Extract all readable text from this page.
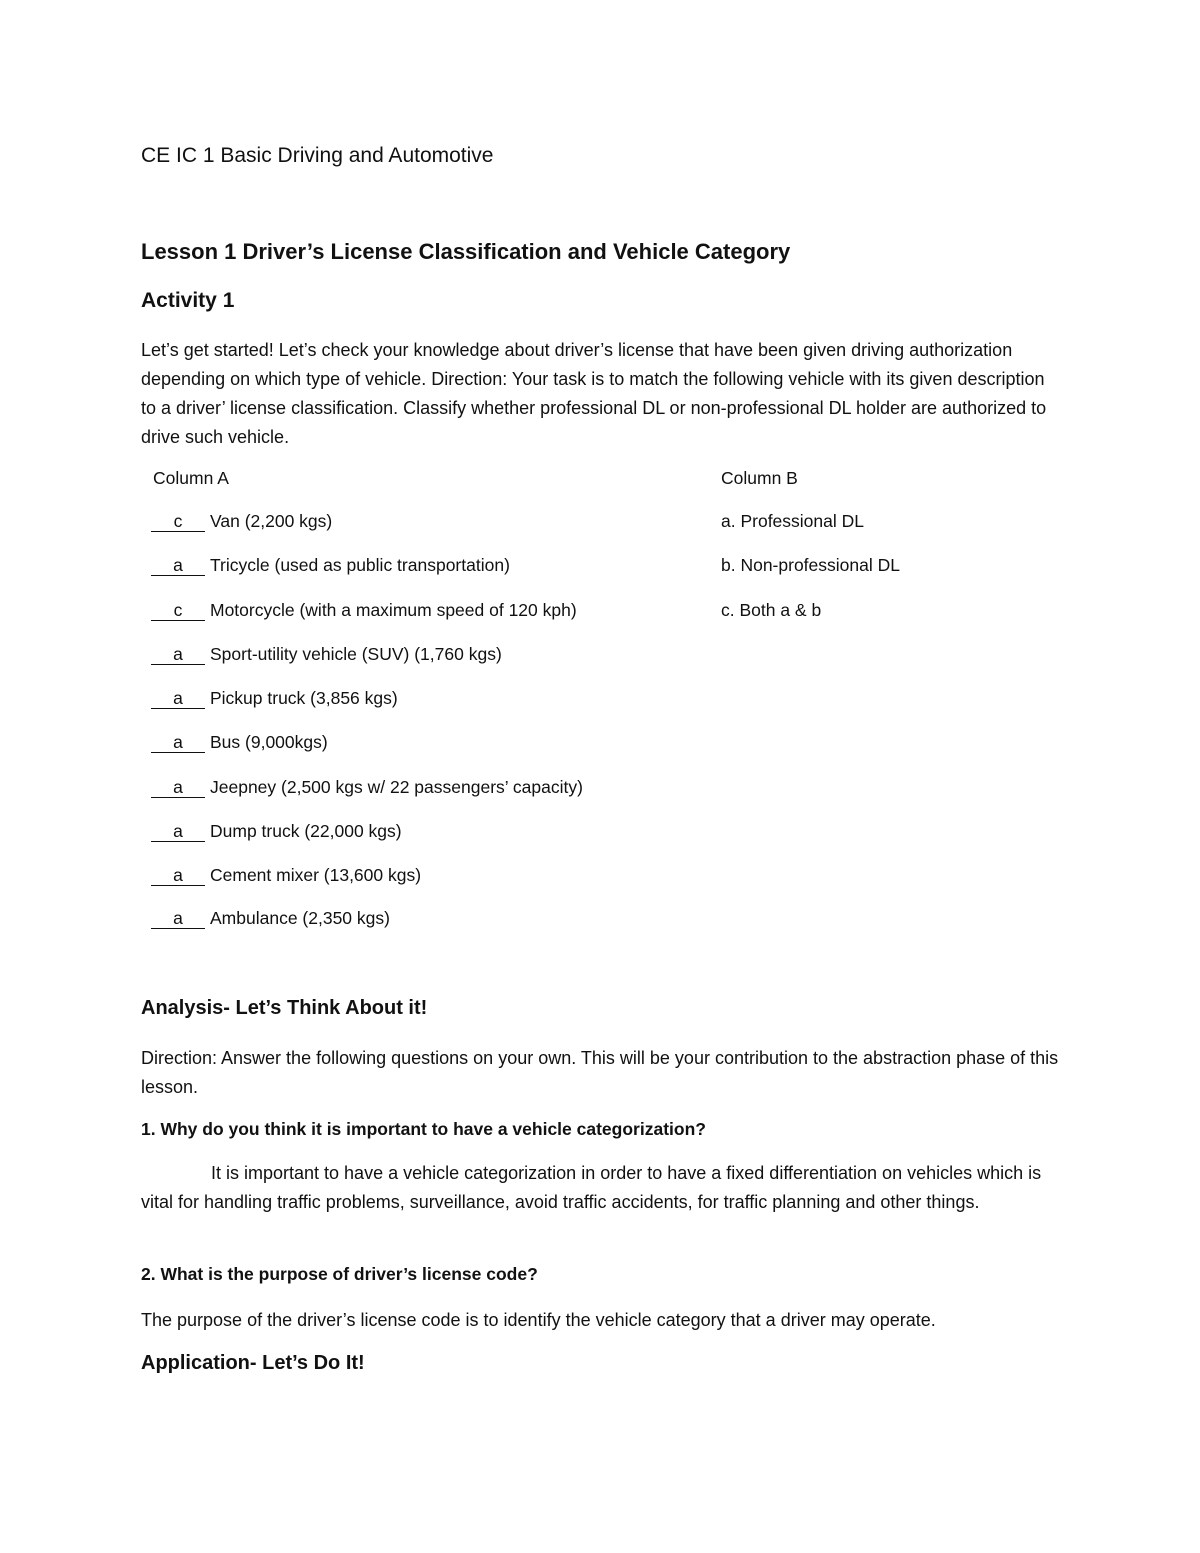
CE IC 1 Basic Driving and Automotive
Lesson 1 Driver’s License Classification and Vehicle Category
Activity 1
Let’s get started! Let’s check your knowledge about driver’s license that have been given driving authorization depending on which type of vehicle. Direction: Your task is to match the following vehicle with its given description to a driver’ license classification. Classify whether professional DL or non-professional DL holder are authorized to drive such vehicle.
Column A	Column B
c Van (2,200 kgs)
a Tricycle (used as public transportation)
c Motorcycle (with a maximum speed of 120 kph)
a Sport-utility vehicle (SUV) (1,760 kgs)
a Pickup truck (3,856 kgs)
a Bus (9,000kgs)
a Jeepney (2,500 kgs w/ 22 passengers’ capacity)
a Dump truck (22,000 kgs)
a Cement mixer (13,600 kgs)
a Ambulance (2,350 kgs)
a. Professional DL
b. Non-professional DL
c. Both a & b
Analysis- Let’s Think About it!
Direction: Answer the following questions on your own. This will be your contribution to the abstraction phase of this lesson.
1. Why do you think it is important to have a vehicle categorization?
It is important to have a vehicle categorization in order to have a fixed differentiation on vehicles which is vital for handling traffic problems, surveillance, avoid traffic accidents, for traffic planning and other things.
2. What is the purpose of driver’s license code?
The purpose of the driver’s license code is to identify the vehicle category that a driver may operate.
Application- Let’s Do It!
